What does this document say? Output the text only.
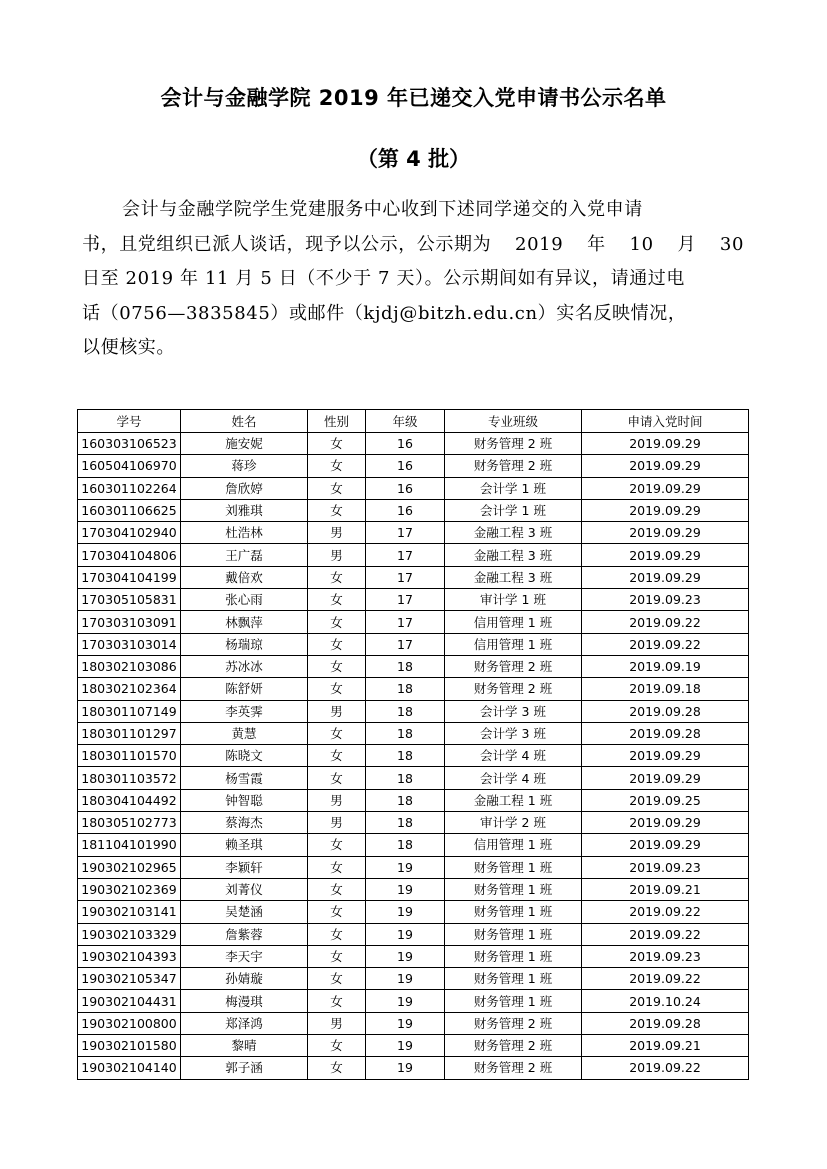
会计与金融学院 2019 年已递交入党申请书公示名单
（第 4 批）
会计与金融学院学生党建服务中心收到下述同学递交的入党申请
书，且党组织已派人谈话，现予以公示，公示期为 2019 年 10 月 30
日至 2019 年 11 月 5 日（不少于 7 天）。公示期间如有异议，请通过电
话（0756—3835845）或邮件（kjdj@bitzh.edu.cn）实名反映情况，
以便核实。
学号	姓名	性别	年级	专业班级	申请入党时间
160303106523	施安妮	女	16	财务管理 2 班	2019.09.29
160504106970	蒋珍	女	16	财务管理 2 班	2019.09.29
160301102264	詹欣婷	女	16	会计学 1 班	2019.09.29
160301106625	刘雅琪	女	16	会计学 1 班	2019.09.29
170304102940	杜浩林	男	17	金融工程 3 班	2019.09.29
170304104806	王广磊	男	17	金融工程 3 班	2019.09.29
170304104199	戴倍欢	女	17	金融工程 3 班	2019.09.29
170305105831	张心雨	女	17	审计学 1 班	2019.09.23
170303103091	林飘萍	女	17	信用管理 1 班	2019.09.22
170303103014	杨瑞琼	女	17	信用管理 1 班	2019.09.22
180302103086	苏冰冰	女	18	财务管理 2 班	2019.09.19
180302102364	陈舒妍	女	18	财务管理 2 班	2019.09.18
180301107149	李英霁	男	18	会计学 3 班	2019.09.28
180301101297	黄慧	女	18	会计学 3 班	2019.09.28
180301101570	陈晓文	女	18	会计学 4 班	2019.09.29
180301103572	杨雪霞	女	18	会计学 4 班	2019.09.29
180304104492	钟智聪	男	18	金融工程 1 班	2019.09.25
180305102773	蔡海杰	男	18	审计学 2 班	2019.09.29
181104101990	赖圣琪	女	18	信用管理 1 班	2019.09.29
190302102965	李颖轩	女	19	财务管理 1 班	2019.09.23
190302102369	刘菁仪	女	19	财务管理 1 班	2019.09.21
190302103141	吴楚涵	女	19	财务管理 1 班	2019.09.22
190302103329	詹紫蓉	女	19	财务管理 1 班	2019.09.22
190302104393	李天宇	女	19	财务管理 1 班	2019.09.23
190302105347	孙婧璇	女	19	财务管理 1 班	2019.09.22
190302104431	梅漫琪	女	19	财务管理 1 班	2019.10.24
190302100800	郑泽鸿	男	19	财务管理 2 班	2019.09.28
190302101580	黎晴	女	19	财务管理 2 班	2019.09.21
190302104140	郭子涵	女	19	财务管理 2 班	2019.09.22
